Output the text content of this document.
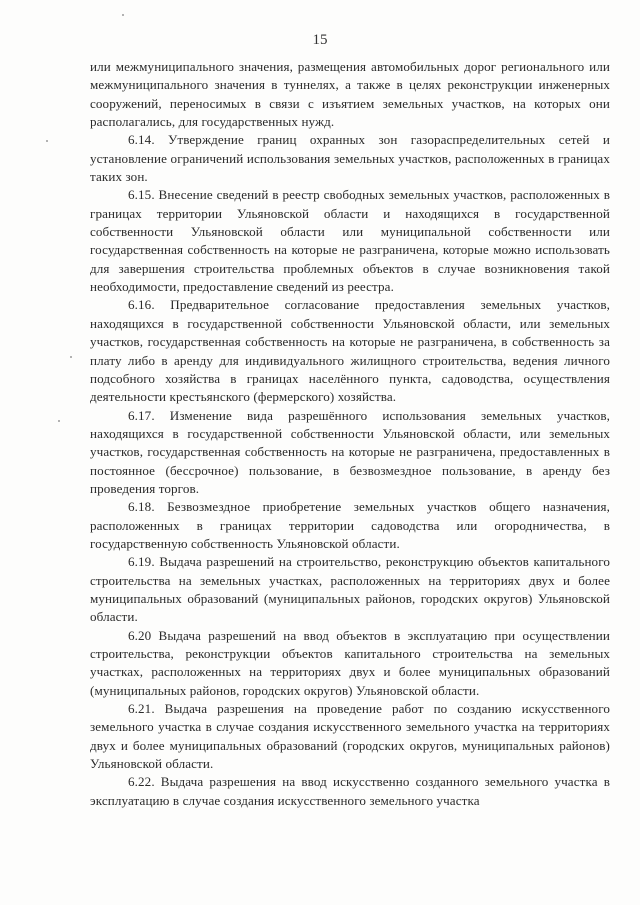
15

или межмуниципального значения, размещения автомобильных дорог регионального или межмуниципального значения в туннелях, а также в целях реконструкции инженерных сооружений, переносимых в связи с изъятием земельных участков, на которых они располагались, для государственных нужд.

6.14. Утверждение границ охранных зон газораспределительных сетей и установление ограничений использования земельных участков, расположенных в границах таких зон.

6.15. Внесение сведений в реестр свободных земельных участков, расположенных в границах территории Ульяновской области и находящихся в государственной собственности Ульяновской области или муниципальной собственности или государственная собственность на которые не разграничена, которые можно использовать для завершения строительства проблемных объектов в случае возникновения такой необходимости, предоставление сведений из реестра.

6.16. Предварительное согласование предоставления земельных участков, находящихся в государственной собственности Ульяновской области, или земельных участков, государственная собственность на которые не разграничена, в собственность за плату либо в аренду для индивидуального жилищного строительства, ведения личного подсобного хозяйства в границах населённого пункта, садоводства, осуществления деятельности крестьянского (фермерского) хозяйства.

6.17. Изменение вида разрешённого использования земельных участков, находящихся в государственной собственности Ульяновской области, или земельных участков, государственная собственность на которые не разграничена, предоставленных в постоянное (бессрочное) пользование, в безвозмездное пользование, в аренду без проведения торгов.

6.18. Безвозмездное приобретение земельных участков общего назначения, расположенных в границах территории садоводства или огородничества, в государственную собственность Ульяновской области.

6.19. Выдача разрешений на строительство, реконструкцию объектов капитального строительства на земельных участках, расположенных на территориях двух и более муниципальных образований (муниципальных районов, городских округов) Ульяновской области.

6.20 Выдача разрешений на ввод объектов в эксплуатацию при осуществлении строительства, реконструкции объектов капитального строительства на земельных участках, расположенных на территориях двух и более муниципальных образований (муниципальных районов, городских округов) Ульяновской области.

6.21. Выдача разрешения на проведение работ по созданию искусственного земельного участка в случае создания искусственного земельного участка на территориях двух и более муниципальных образований (городских округов, муниципальных районов) Ульяновской области.

6.22. Выдача разрешения на ввод искусственно созданного земельного участка в эксплуатацию в случае создания искусственного земельного участка
